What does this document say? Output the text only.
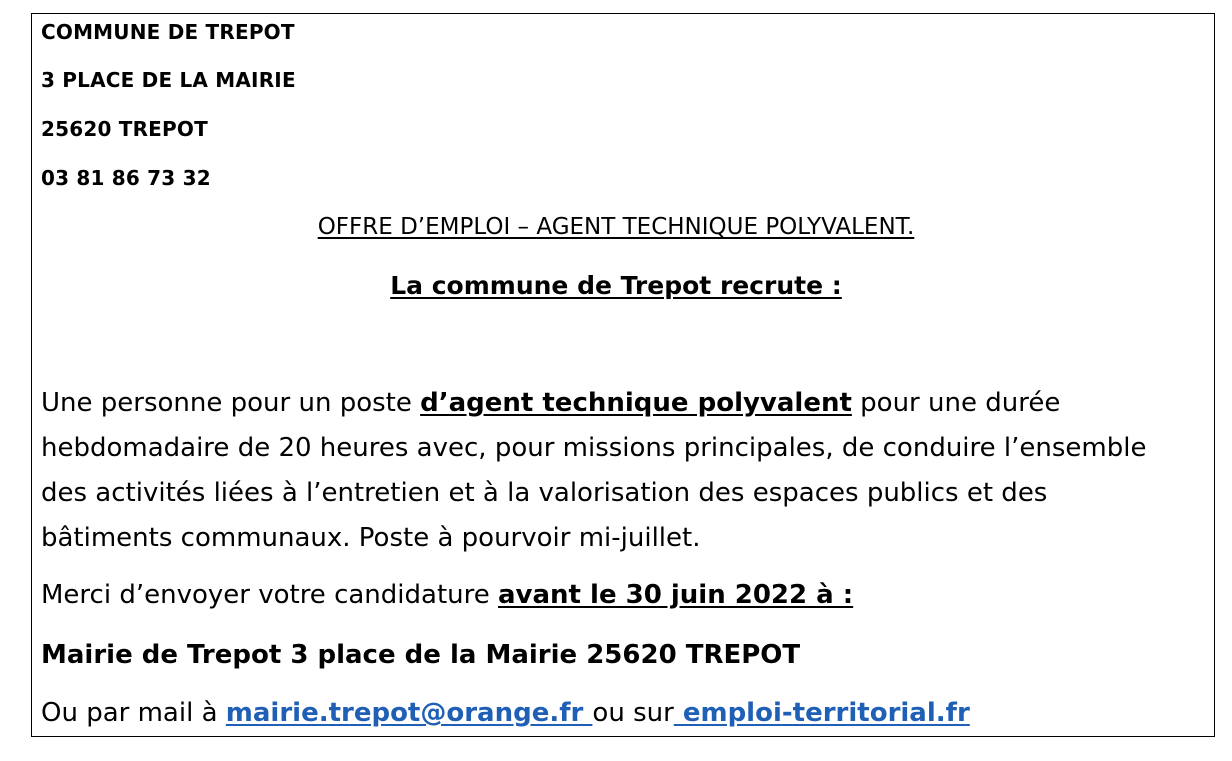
COMMUNE DE TREPOT
3 PLACE DE LA MAIRIE
25620 TREPOT
03 81 86 73 32
OFFRE D’EMPLOI – AGENT TECHNIQUE POLYVALENT.
La commune de Trepot recrute :
Une personne pour un poste d’agent technique polyvalent pour une durée
hebdomadaire de 20 heures avec, pour missions principales, de conduire l’ensemble
des activités liées à l’entretien et à la valorisation des espaces publics et des
bâtiments communaux. Poste à pourvoir mi-juillet.
Merci d’envoyer votre candidature avant le 30 juin 2022 à :
Mairie de Trepot 3 place de la Mairie 25620 TREPOT
Ou par mail à mairie.trepot@orange.fr ou sur emploi-territorial.fr
